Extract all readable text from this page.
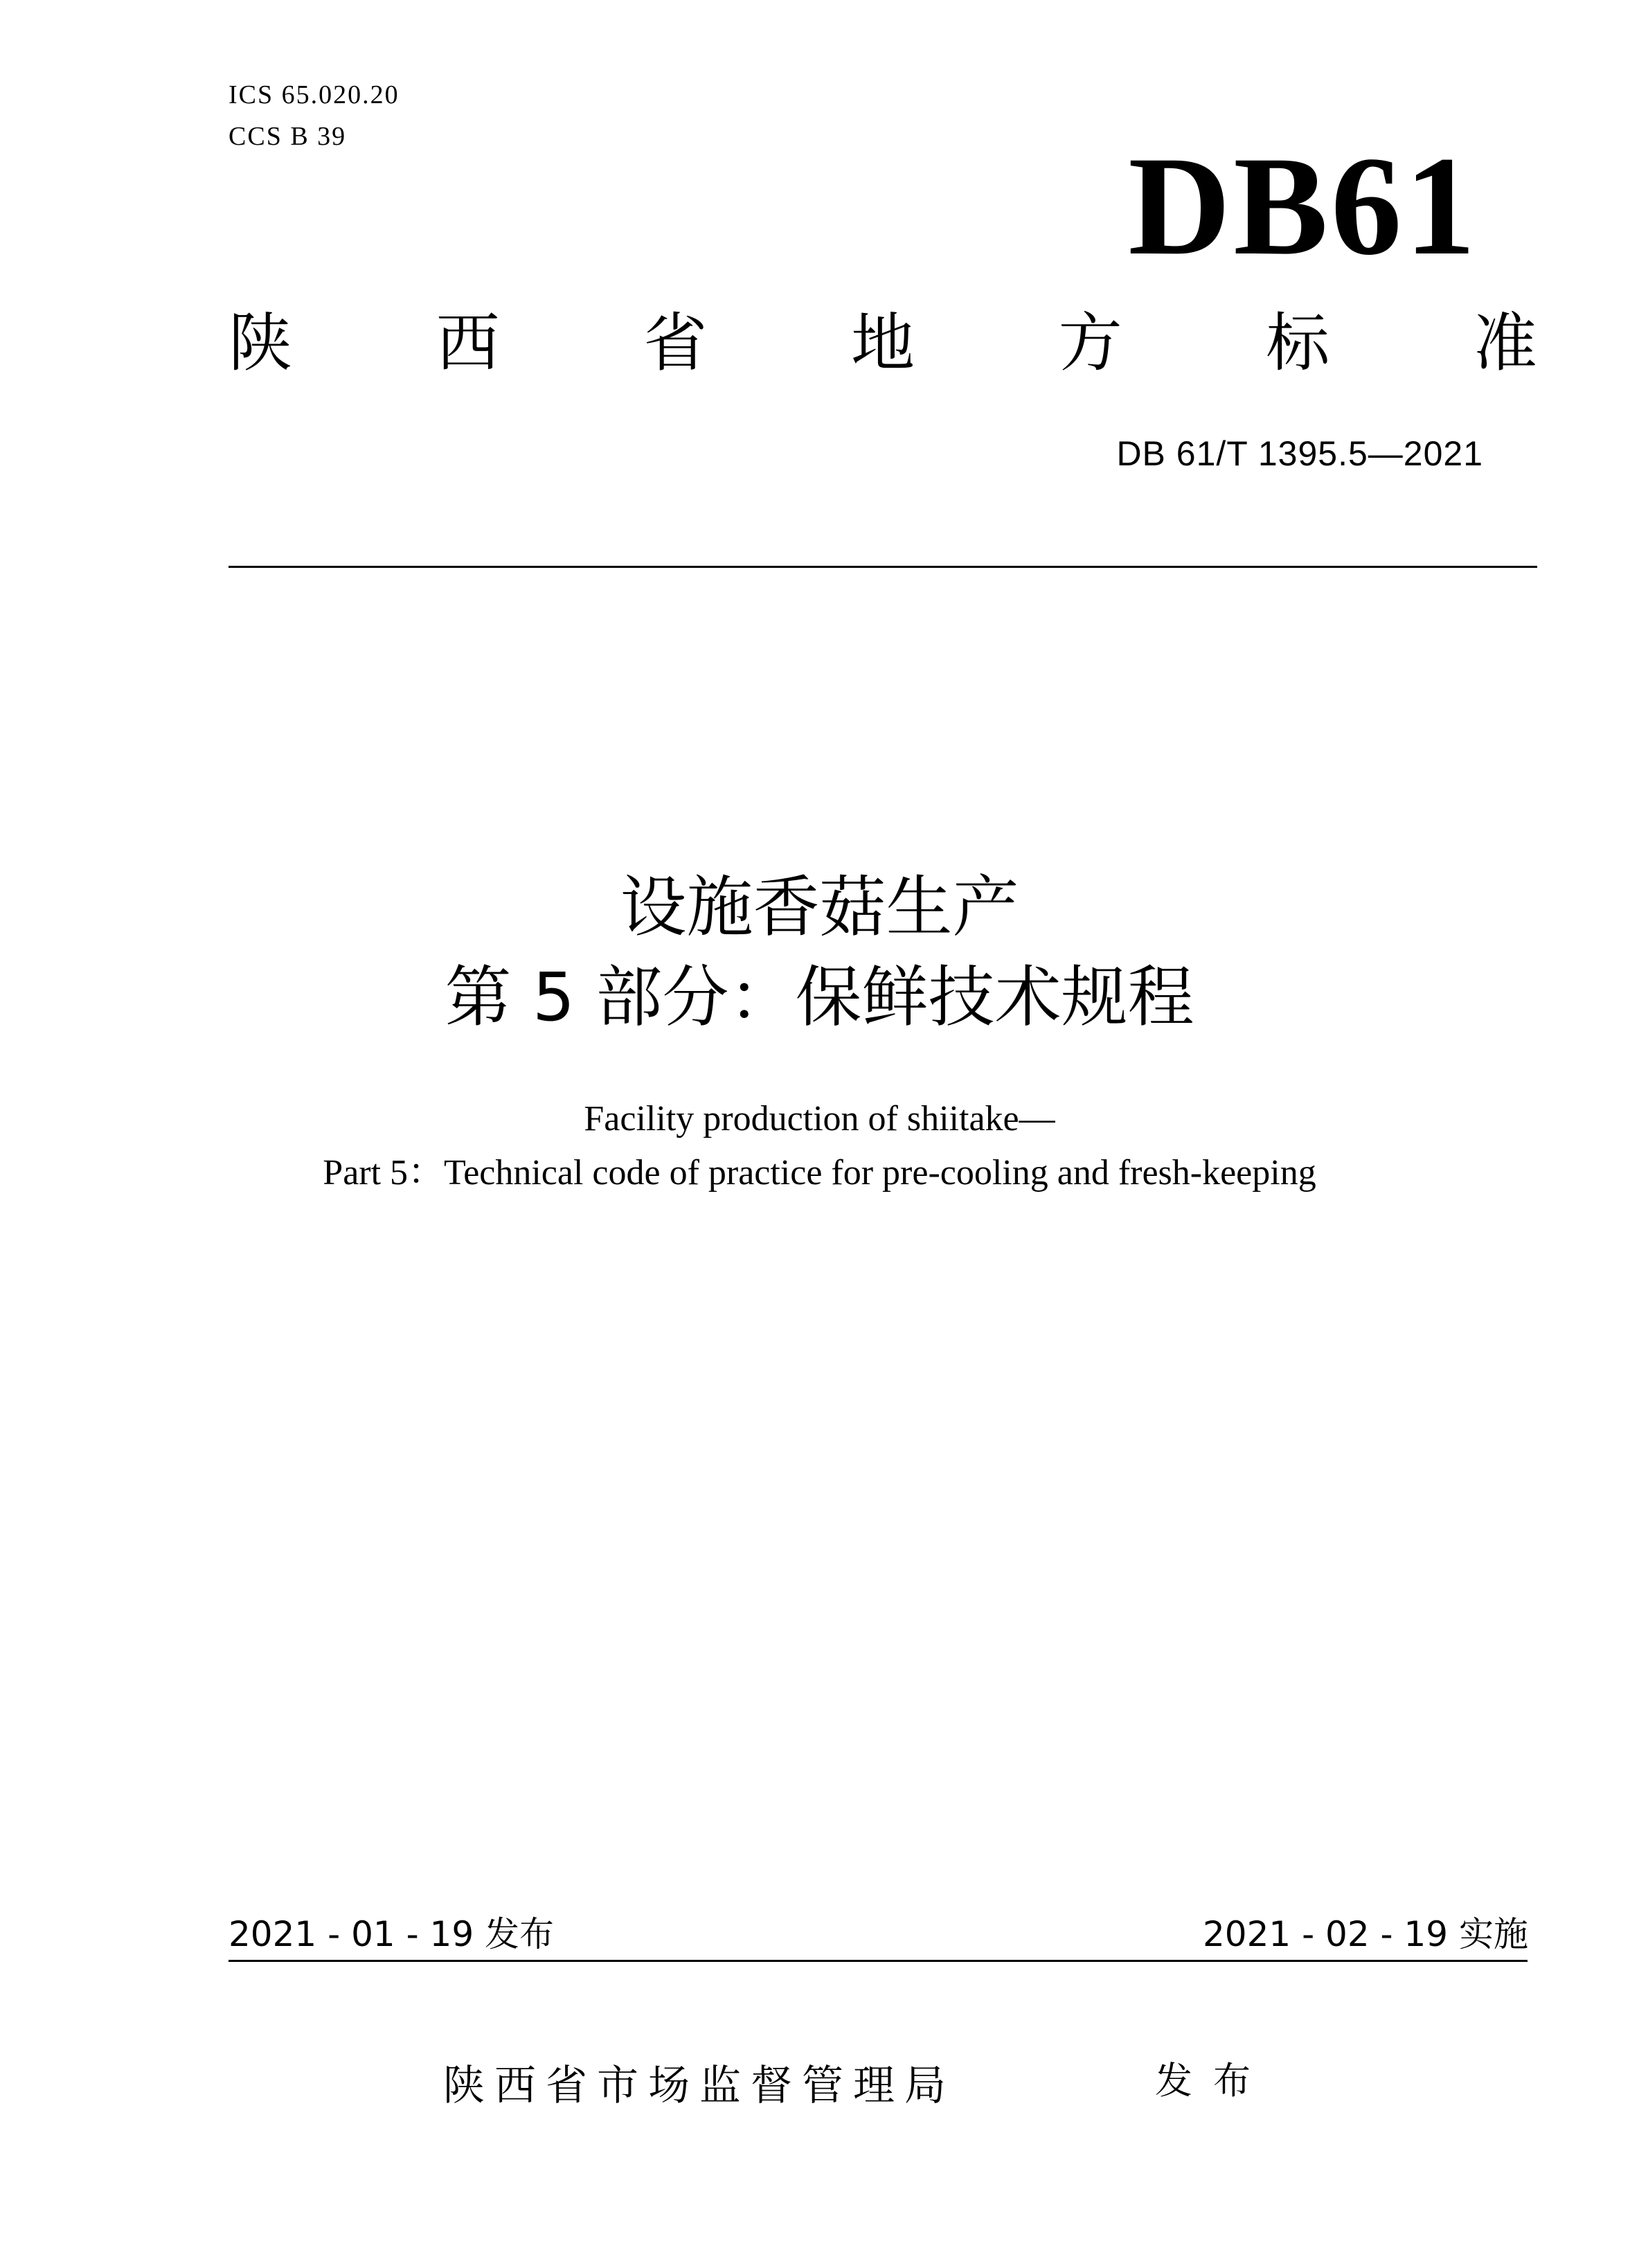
ICS 65.020.20
CCS B 39	DB61
陕 西 省 地 方 标 准
DB 61/T 1395.5—2021
设施香菇生产
第 5 部分：保鲜技术规程
Facility production of shiitake—
Part 5：Technical code of practice for pre-cooling and fresh-keeping
2021 - 01 - 19 发布	2021 - 02 - 19 实施
陕西省市场监督管理局	发布
